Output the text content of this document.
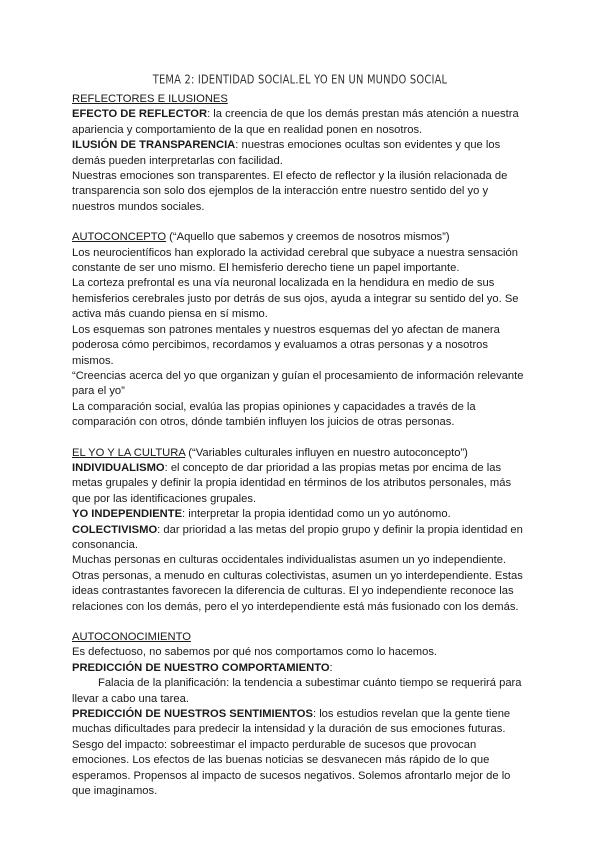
TEMA 2: IDENTIDAD SOCIAL.EL YO EN UN MUNDO SOCIAL

REFLECTORES E ILUSIONES

EFECTO DE REFLECTOR: la creencia de que los demás prestan más atención a nuestra apariencia y comportamiento de la que en realidad ponen en nosotros.

ILUSIÓN DE TRANSPARENCIA: nuestras emociones ocultas son evidentes y que los demás pueden interpretarlas con facilidad.

Nuestras emociones son transparentes. El efecto de reflector y la ilusión relacionada de transparencia son solo dos ejemplos de la interacción entre nuestro sentido del yo y nuestros mundos sociales.

AUTOCONCEPTO (“Aquello que sabemos y creemos de nosotros mismos”)

Los neurocientíficos han explorado la actividad cerebral que subyace a nuestra sensación constante de ser uno mismo. El hemisferio derecho tiene un papel importante.

La corteza prefrontal es una vía neuronal localizada en la hendidura en medio de sus hemisferios cerebrales justo por detrás de sus ojos, ayuda a integrar su sentido del yo. Se activa más cuando piensa en sí mismo.

Los esquemas son patrones mentales y nuestros esquemas del yo afectan de manera poderosa cómo percibimos, recordamos y evaluamos a otras personas y a nosotros mismos.

“Creencias acerca del yo que organizan y guían el procesamiento de información relevante para el yo”

La comparación social, evalúa las propias opiniones y capacidades a través de la comparación con otros, dónde también influyen los juicios de otras personas.

EL YO Y LA CULTURA (“Variables culturales influyen en nuestro autoconcepto”)

INDIVIDUALISMO: el concepto de dar prioridad a las propias metas por encima de las metas grupales y definir la propia identidad en términos de los atributos personales, más que por las identificaciones grupales.

YO INDEPENDIENTE: interpretar la propia identidad como un yo autónomo.

COLECTIVISMO: dar prioridad a las metas del propio grupo y definir la propia identidad en consonancia.

Muchas personas en culturas occidentales individualistas asumen un yo independiente. Otras personas, a menudo en culturas colectivistas, asumen un yo interdependiente. Estas ideas contrastantes favorecen la diferencia de culturas. El yo independiente reconoce las relaciones con los demás, pero el yo interdependiente está más fusionado con los demás.

AUTOCONOCIMIENTO

Es defectuoso, no sabemos por qué nos comportamos como lo hacemos.

PREDICCIÓN DE NUESTRO COMPORTAMIENTO:

Falacia de la planificación: la tendencia a subestimar cuánto tiempo se requerirá para llevar a cabo una tarea.

PREDICCIÓN DE NUESTROS SENTIMIENTOS: los estudios revelan que la gente tiene muchas dificultades para predecir la intensidad y la duración de sus emociones futuras.

Sesgo del impacto: sobreestimar el impacto perdurable de sucesos que provocan emociones. Los efectos de las buenas noticias se desvanecen más rápido de lo que esperamos. Propensos al impacto de sucesos negativos. Solemos afrontarlo mejor de lo que imaginamos.
